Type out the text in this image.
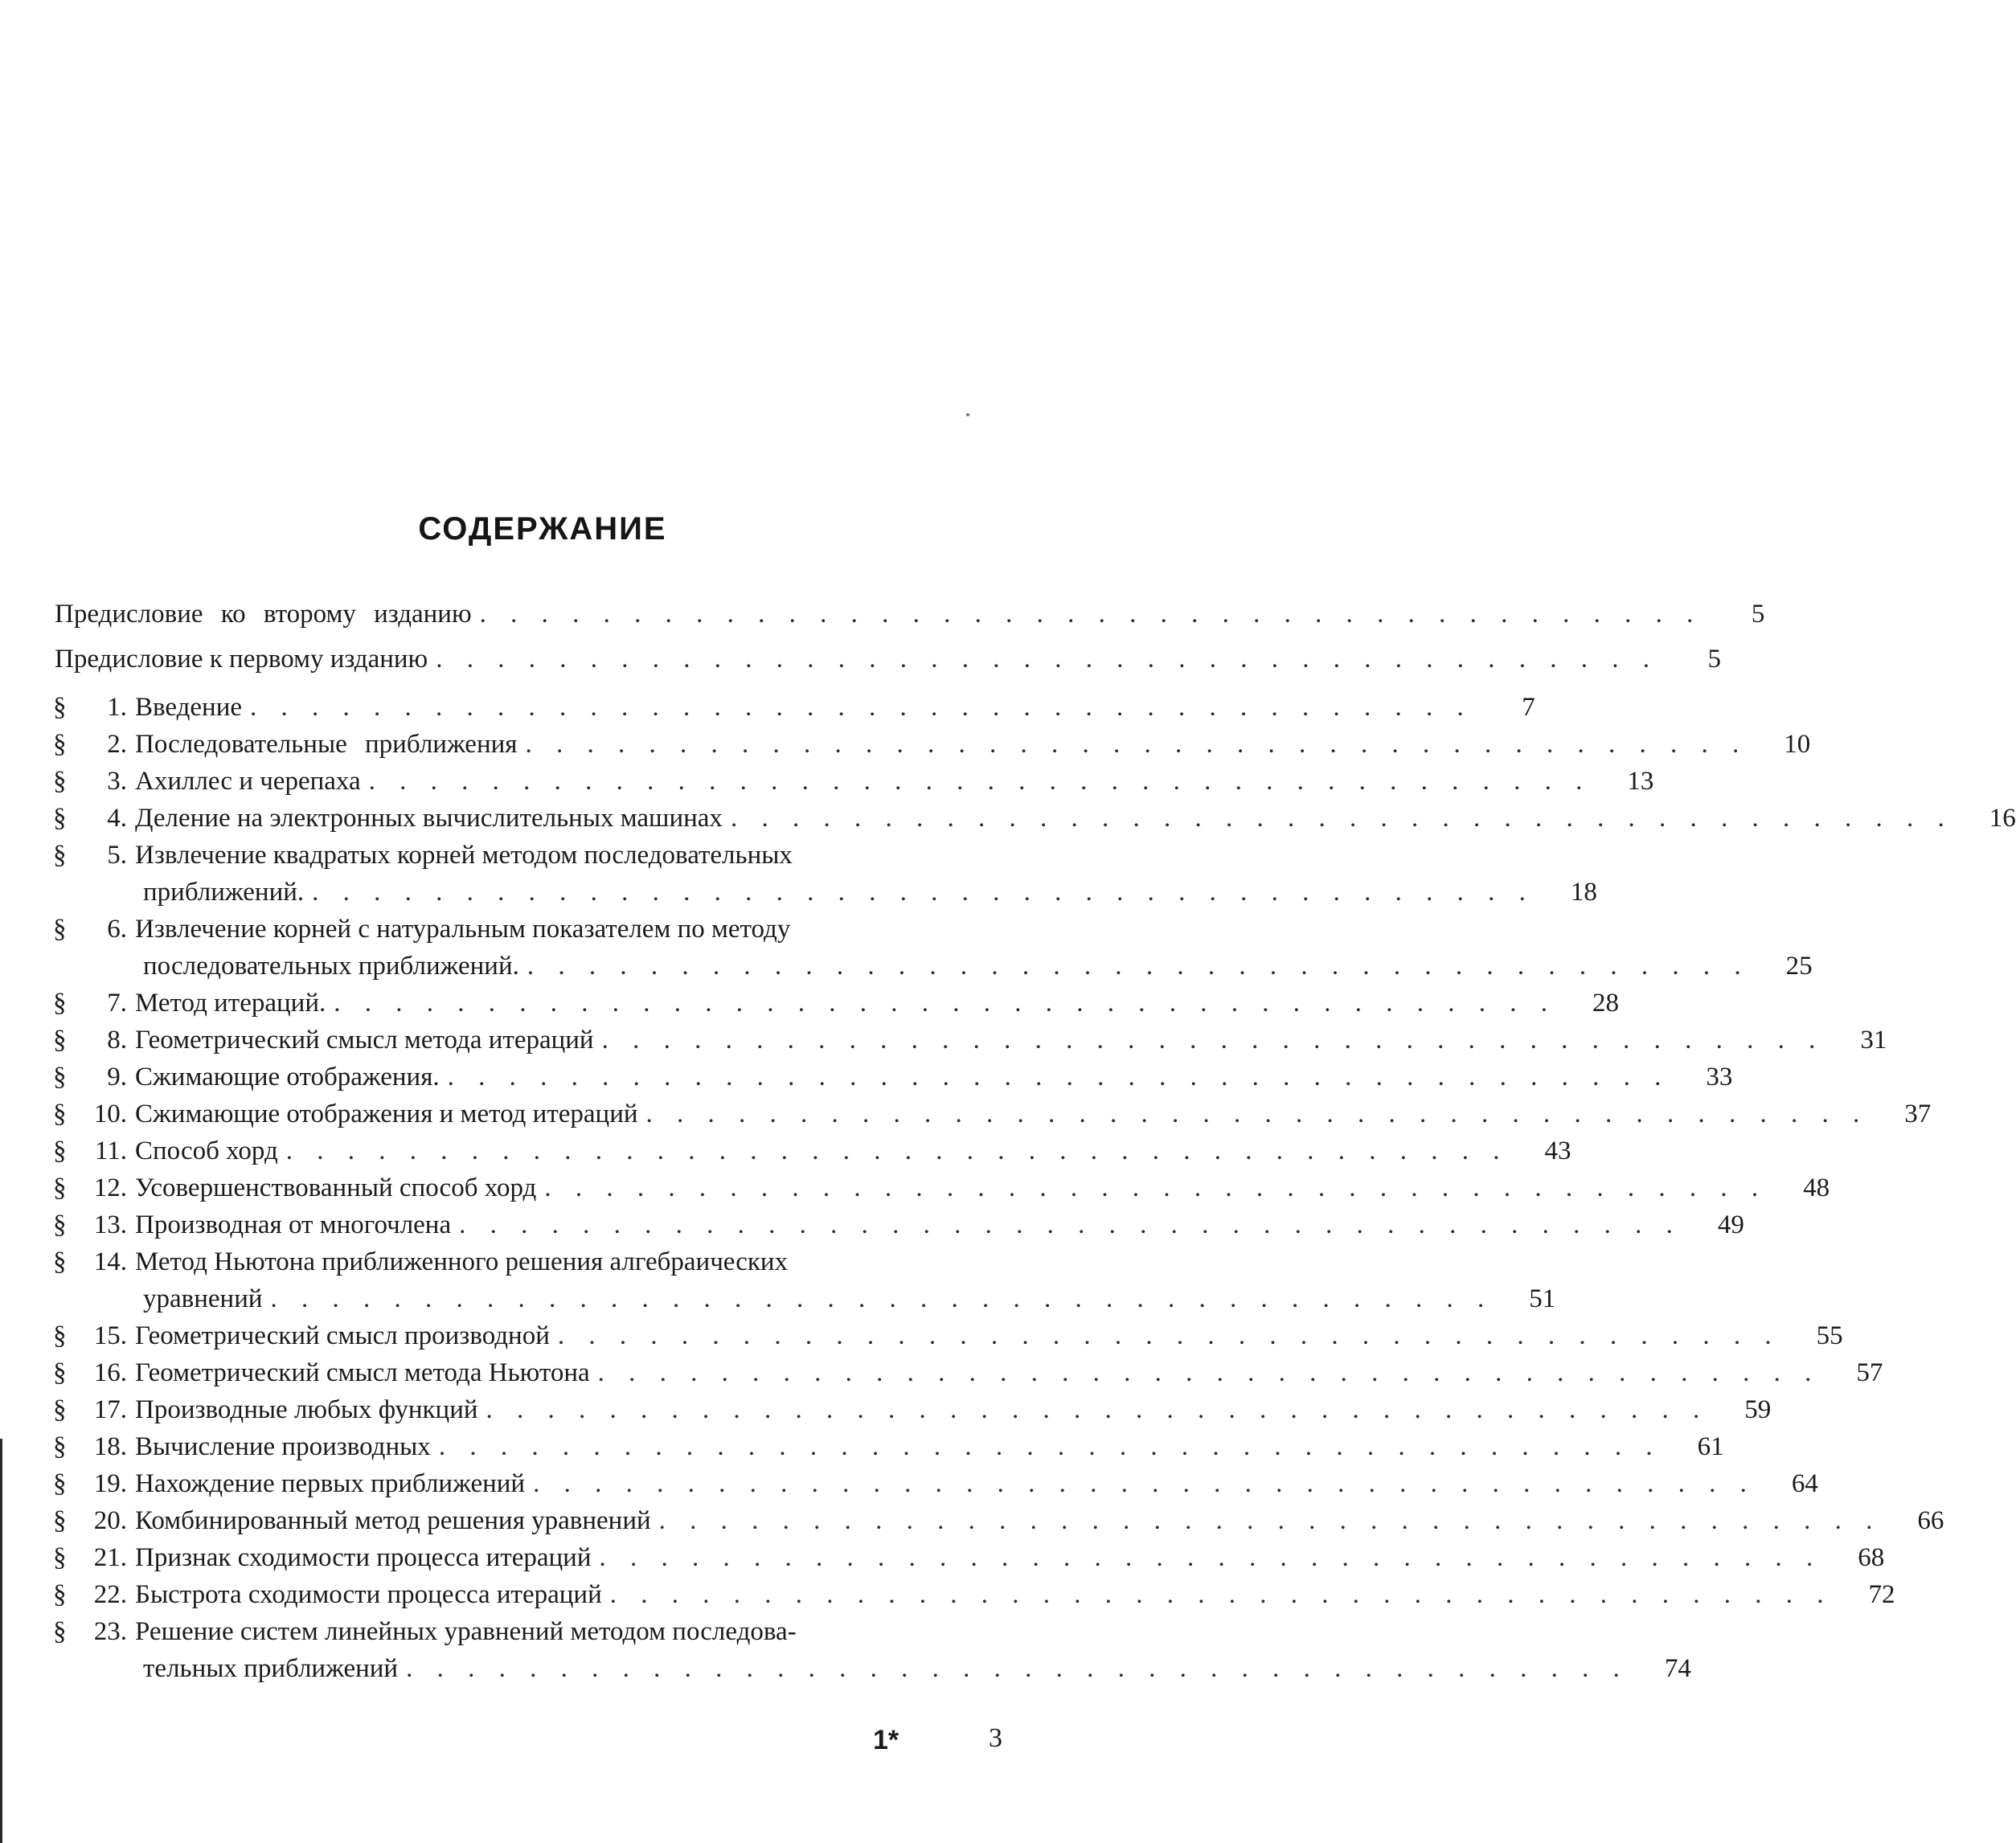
СОДЕРЖАНИЕ
Предисловие ко второму изданию . . . . . . . . . . . . . . . . . . . . . . . . . . . . . . . . . . . . . . . .	5
Предисловие к первому изданию . . . . . . . . . . . . . . . . . . . . . . . . . . . . . . . . . . . . . . . .	5
§ 1. Введение . . . . . . . . . . . . . . . . . . . . . . . . . . . . . . . . . . . . . . . .	7
§ 2. Последовательные приближения . . . . . . . . . . . . . . . . . . . . . . . . . . . . . . . . . . . . . . . .	10
§ 3. Ахиллес и черепаха . . . . . . . . . . . . . . . . . . . . . . . . . . . . . . . . . . . . . . . .	13
§ 4. Деление на электронных вычислительных машинах . . . . . . . . . . . . . . . . . . . . . . . . . . . . . . . . . . . . . . . .	16
§ 5. Извлечение квадратых корней методом последовательных
приближений. . . . . . . . . . . . . . . . . . . . . . . . . . . . . . . . . . . . . . . . .	18
§ 6. Извлечение корней с натуральным показателем по методу
последовательных приближений. . . . . . . . . . . . . . . . . . . . . . . . . . . . . . . . . . . . . . . . .	25
§ 7. Метод итераций. . . . . . . . . . . . . . . . . . . . . . . . . . . . . . . . . . . . . . . . .	28
§ 8. Геометрический смысл метода итераций . . . . . . . . . . . . . . . . . . . . . . . . . . . . . . . . . . . . . . . .	31
§ 9. Сжимающие отображения. . . . . . . . . . . . . . . . . . . . . . . . . . . . . . . . . . . . . . . . .	33
§ 10. Сжимающие отображения и метод итераций . . . . . . . . . . . . . . . . . . . . . . . . . . . . . . . . . . . . . . . .	37
§ 11. Способ хорд . . . . . . . . . . . . . . . . . . . . . . . . . . . . . . . . . . . . . . . .	43
§ 12. Усовершенствованный способ хорд . . . . . . . . . . . . . . . . . . . . . . . . . . . . . . . . . . . . . . . .	48
§ 13. Производная от многочлена . . . . . . . . . . . . . . . . . . . . . . . . . . . . . . . . . . . . . . . .	49
§ 14. Метод Ньютона приближенного решения алгебраических
уравнений . . . . . . . . . . . . . . . . . . . . . . . . . . . . . . . . . . . . . . . .	51
§ 15. Геометрический смысл производной . . . . . . . . . . . . . . . . . . . . . . . . . . . . . . . . . . . . . . . .	55
§ 16. Геометрический смысл метода Ньютона . . . . . . . . . . . . . . . . . . . . . . . . . . . . . . . . . . . . . . . .	57
§ 17. Производные любых функций . . . . . . . . . . . . . . . . . . . . . . . . . . . . . . . . . . . . . . . .	59
§ 18. Вычисление производных . . . . . . . . . . . . . . . . . . . . . . . . . . . . . . . . . . . . . . . .	61
§ 19. Нахождение первых приближений . . . . . . . . . . . . . . . . . . . . . . . . . . . . . . . . . . . . . . . .	64
§ 20. Комбинированный метод решения уравнений . . . . . . . . . . . . . . . . . . . . . . . . . . . . . . . . . . . . . . . .	66
§ 21. Признак сходимости процесса итераций . . . . . . . . . . . . . . . . . . . . . . . . . . . . . . . . . . . . . . . .	68
§ 22. Быстрота сходимости процесса итераций . . . . . . . . . . . . . . . . . . . . . . . . . . . . . . . . . . . . . . . .	72
§ 23. Решение систем линейных уравнений методом последова-
тельных приближений . . . . . . . . . . . . . . . . . . . . . . . . . . . . . . . . . . . . . . . .	74
1*	3
